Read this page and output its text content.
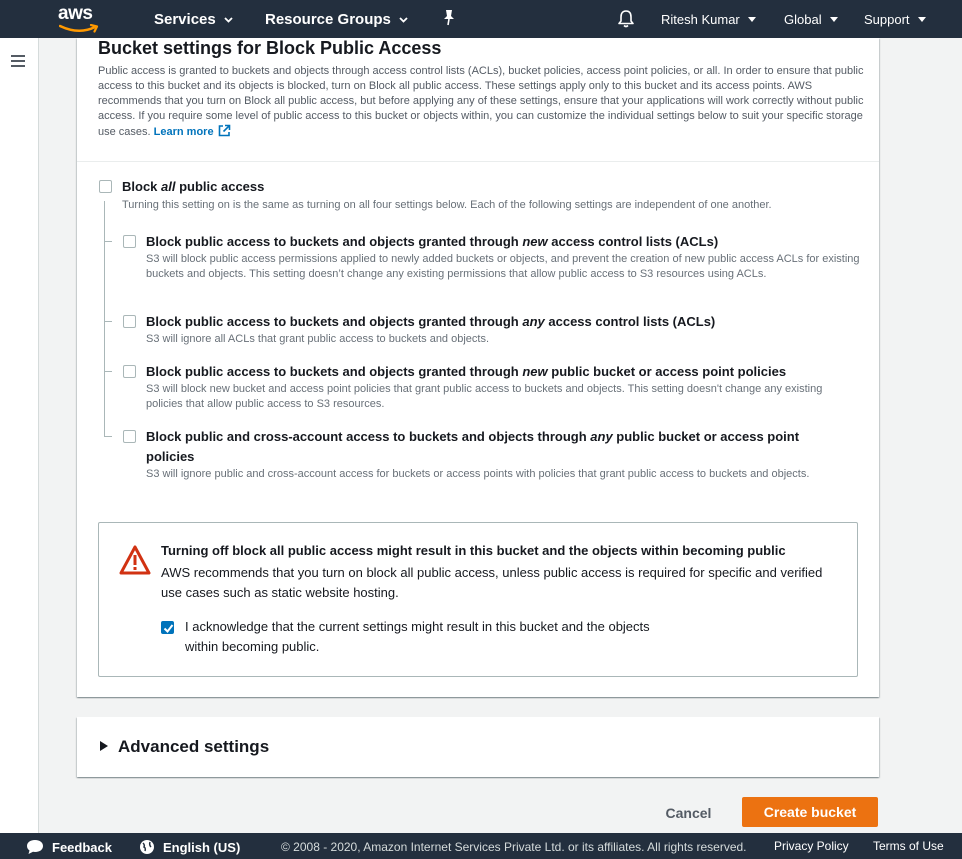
aws	Services	Resource Groups	Ritesh Kumar	Global	Support
Bucket settings for Block Public Access
Public access is granted to buckets and objects through access control lists (ACLs), bucket policies, access point policies, or all. In order to ensure that public access to this bucket and its objects is blocked, turn on Block all public access. These settings apply only to this bucket and its access points. AWS recommends that you turn on Block all public access, but before applying any of these settings, ensure that your applications will work correctly without public access. If you require some level of public access to this bucket or objects within, you can customize the individual settings below to suit your specific storage use cases. Learn more
Block all public access
Turning this setting on is the same as turning on all four settings below. Each of the following settings are independent of one another.
Block public access to buckets and objects granted through new access control lists (ACLs)
S3 will block public access permissions applied to newly added buckets or objects, and prevent the creation of new public access ACLs for existing buckets and objects. This setting doesn’t change any existing permissions that allow public access to S3 resources using ACLs.
Block public access to buckets and objects granted through any access control lists (ACLs)
S3 will ignore all ACLs that grant public access to buckets and objects.
Block public access to buckets and objects granted through new public bucket or access point policies
S3 will block new bucket and access point policies that grant public access to buckets and objects. This setting doesn't change any existing policies that allow public access to S3 resources.
Block public and cross-account access to buckets and objects through any public bucket or access point policies
S3 will ignore public and cross-account access for buckets or access points with policies that grant public access to buckets and objects.
Turning off block all public access might result in this bucket and the objects within becoming public
AWS recommends that you turn on block all public access, unless public access is required for specific and verified use cases such as static website hosting.
I acknowledge that the current settings might result in this bucket and the objects within becoming public.
Advanced settings
Cancel	Create bucket
Feedback	English (US)	© 2008 - 2020, Amazon Internet Services Private Ltd. or its affiliates. All rights reserved. Privacy Policy Terms of Use
